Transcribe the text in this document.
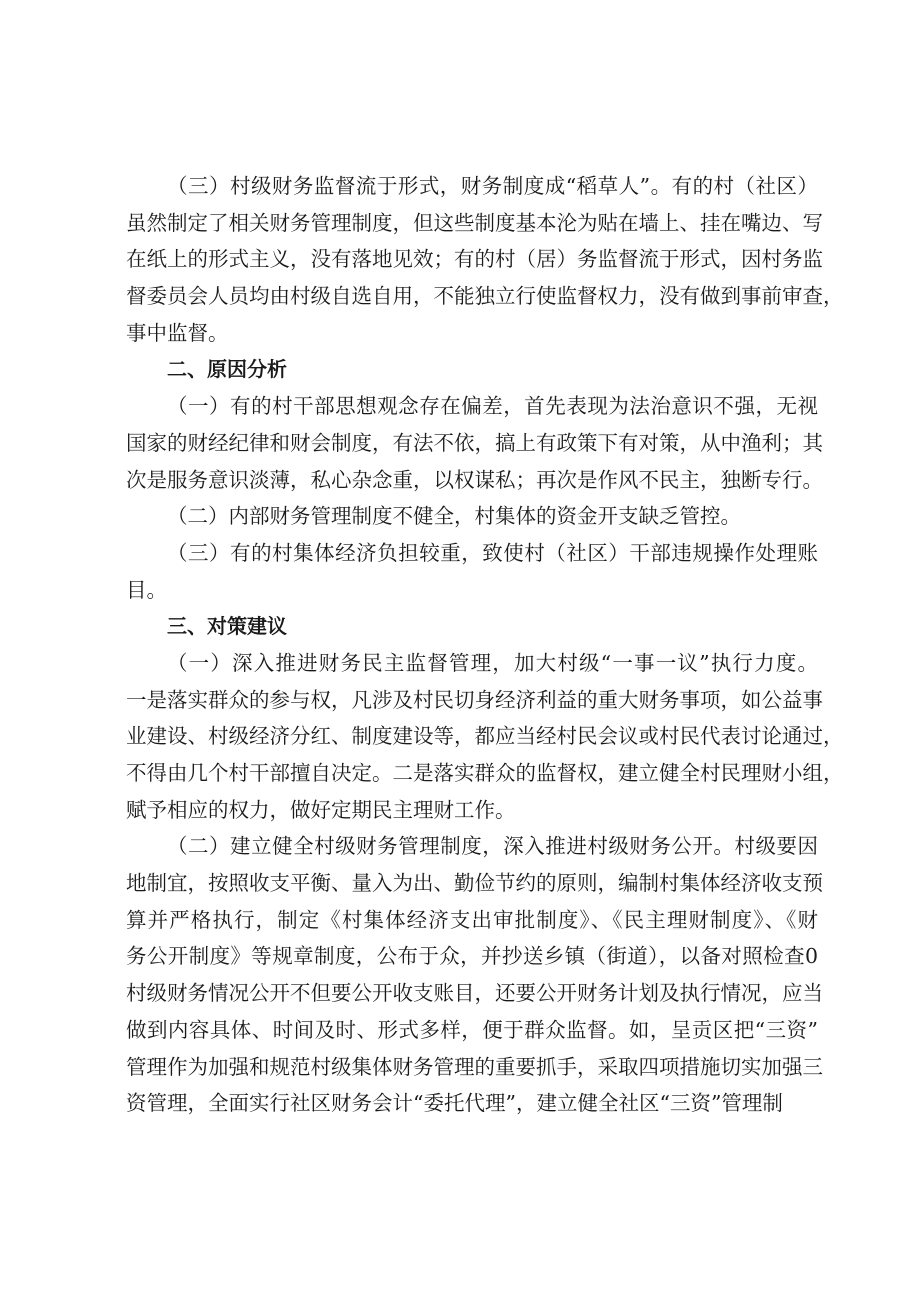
（三）村级财务监督流于形式，财务制度成“稻草人”。有的村（社区）
虽然制定了相关财务管理制度，但这些制度基本沦为贴在墙上、挂在嘴边、写
在纸上的形式主义，没有落地见效；有的村（居）务监督流于形式，因村务监
督委员会人员均由村级自选自用，不能独立行使监督权力，没有做到事前审查，
事中监督。
二、原因分析
（一）有的村干部思想观念存在偏差，首先表现为法治意识不强，无视
国家的财经纪律和财会制度，有法不依，搞上有政策下有对策，从中渔利；其
次是服务意识淡薄，私心杂念重，以权谋私；再次是作风不民主，独断专行。
（二）内部财务管理制度不健全，村集体的资金开支缺乏管控。
（三）有的村集体经济负担较重，致使村（社区）干部违规操作处理账
目。
三、对策建议
（一）深入推进财务民主监督管理，加大村级“一事一议”执行力度。
一是落实群众的参与权，凡涉及村民切身经济利益的重大财务事项，如公益事
业建设、村级经济分红、制度建设等，都应当经村民会议或村民代表讨论通过，
不得由几个村干部擅自决定。二是落实群众的监督权，建立健全村民理财小组，
赋予相应的权力，做好定期民主理财工作。
（二）建立健全村级财务管理制度，深入推进村级财务公开。村级要因
地制宜，按照收支平衡、量入为出、勤俭节约的原则，编制村集体经济收支预
算并严格执行，制定《村集体经济支出审批制度》、《民主理财制度》、《财
务公开制度》等规章制度，公布于众，并抄送乡镇（街道），以备对照检查0
村级财务情况公开不但要公开收支账目，还要公开财务计划及执行情况，应当
做到内容具体、时间及时、形式多样，便于群众监督。如，呈贡区把“三资”
管理作为加强和规范村级集体财务管理的重要抓手，采取四项措施切实加强三
资管理，全面实行社区财务会计“委托代理”，建立健全社区“三资”管理制
